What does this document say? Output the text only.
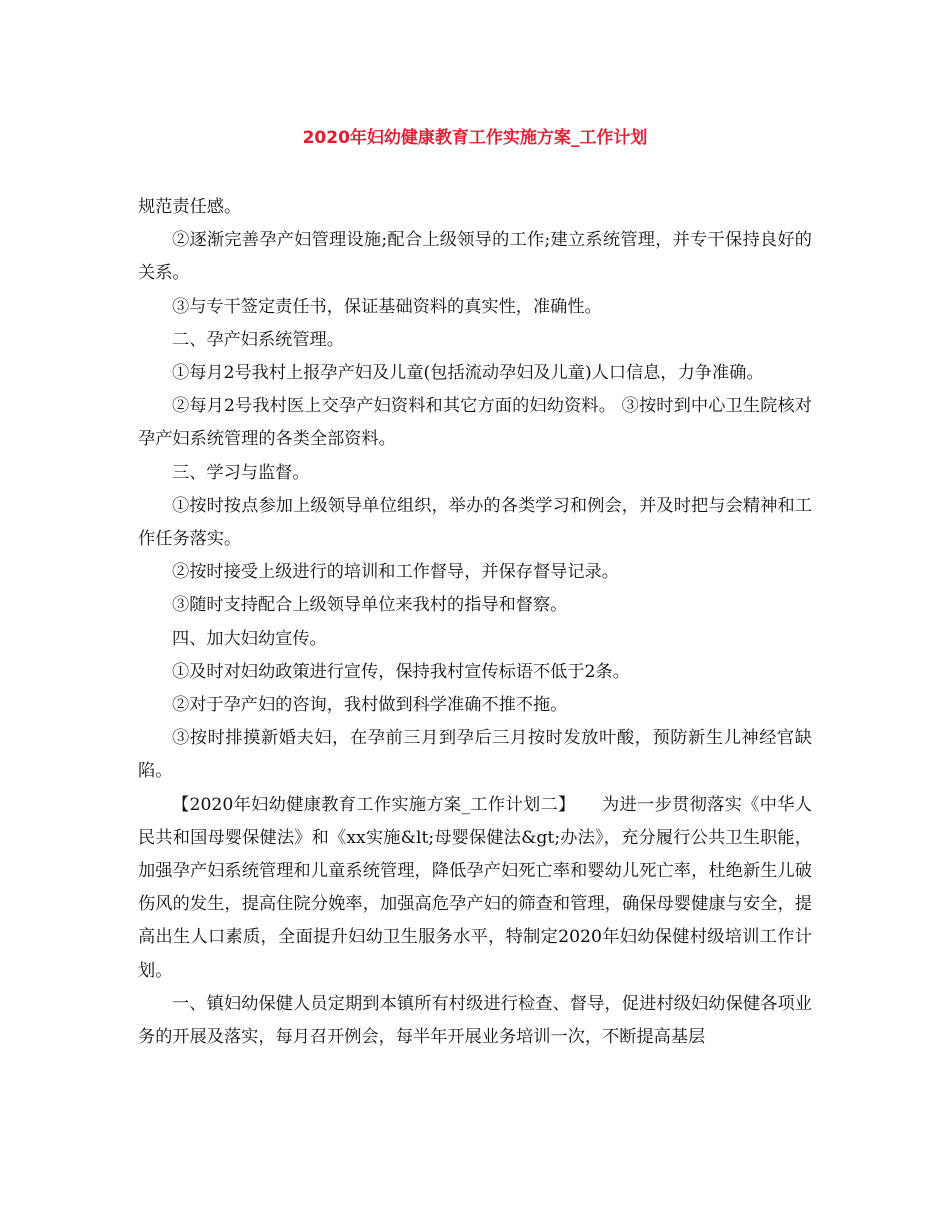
2020年妇幼健康教育工作实施方案_工作计划

规范责任感。

②逐渐完善孕产妇管理设施;配合上级领导的工作;建立系统管理，并专干保持良好的关系。

③与专干签定责任书，保证基础资料的真实性，准确性。

二、孕产妇系统管理。

①每月2号我村上报孕产妇及儿童(包括流动孕妇及儿童)人口信息，力争准确。

②每月2号我村医上交孕产妇资料和其它方面的妇幼资料。 ③按时到中心卫生院核对孕产妇系统管理的各类全部资料。

三、学习与监督。

①按时按点参加上级领导单位组织，举办的各类学习和例会，并及时把与会精神和工作任务落实。

②按时接受上级进行的培训和工作督导，并保存督导记录。

③随时支持配合上级领导单位来我村的指导和督察。

四、加大妇幼宣传。

①及时对妇幼政策进行宣传，保持我村宣传标语不低于2条。

②对于孕产妇的咨询，我村做到科学准确不推不拖。

③按时排摸新婚夫妇，在孕前三月到孕后三月按时发放叶酸，预防新生儿神经官缺陷。

【2020年妇幼健康教育工作实施方案_工作计划二】　　为进一步贯彻落实《中华人民共和国母婴保健法》和《xx实施&lt;母婴保健法&gt;办法》，充分履行公共卫生职能，加强孕产妇系统管理和儿童系统管理，降低孕产妇死亡率和婴幼儿死亡率，杜绝新生儿破伤风的发生，提高住院分娩率，加强高危孕产妇的筛查和管理，确保母婴健康与安全，提高出生人口素质，全面提升妇幼卫生服务水平，特制定2020年妇幼保健村级培训工作计划。

一、镇妇幼保健人员定期到本镇所有村级进行检查、督导，促进村级妇幼保健各项业务的开展及落实，每月召开例会，每半年开展业务培训一次，不断提高基层
